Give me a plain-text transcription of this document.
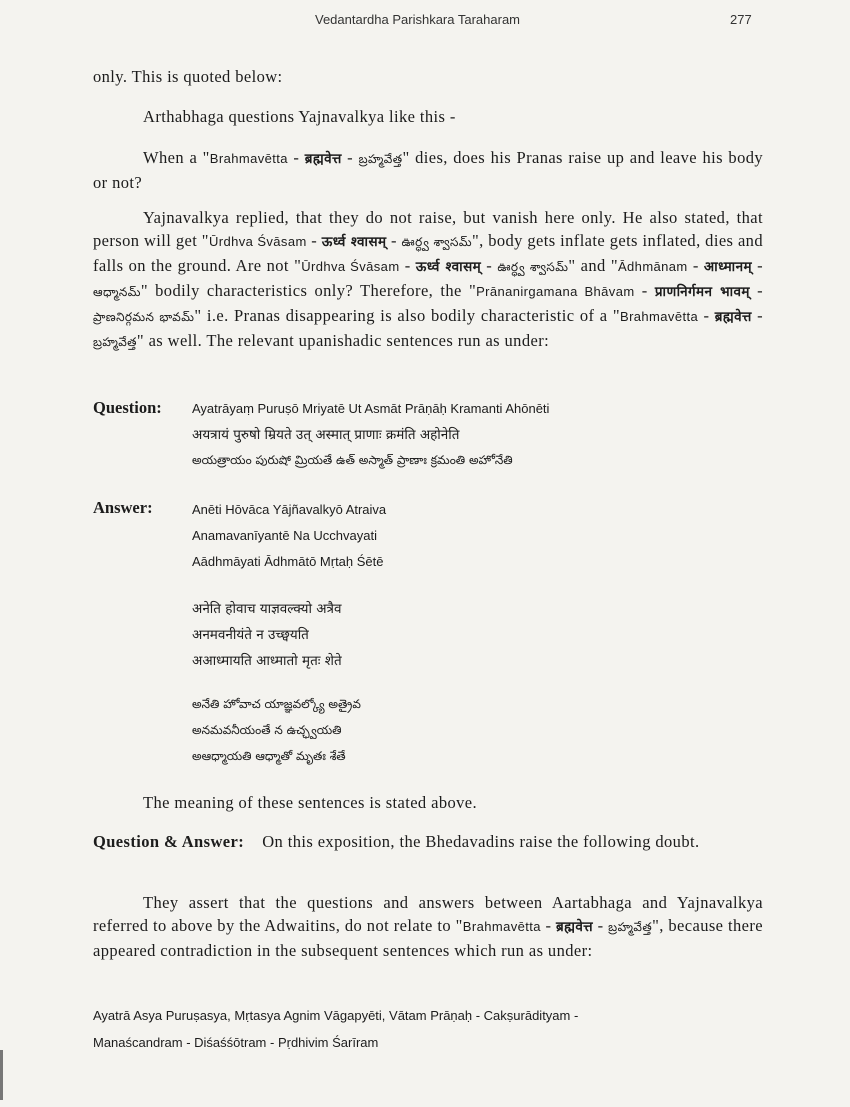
Vedantardha Parishkara Taraharam	277

only. This is quoted below:

Arthabhaga questions Yajnavalkya like this -

When a "Brahmavētta - ब्रह्मवेत्त - బ్రహ్మవేత్త" dies, does his Pranas raise up and leave his body or not?

Yajnavalkya replied, that they do not raise, but vanish here only. He also stated, that person will get "Ūrdhva Śvāsam - ऊर्ध्व श्वासम् - ఊర్ధ్వ శ్వాసమ్", body gets inflate gets inflated, dies and falls on the ground. Are not "Ūrdhva Śvāsam - ऊर्ध्व श्वासम् - ఊర్ధ్వ శ్వాసమ్" and "Ādhmānam - आध्मानम् - ఆధ్మానమ్" bodily characteristics only? Therefore, the "Prānanirgamana Bhāvam - प्राणनिर्गमन भावम् - ప్రాణనిర్గమన భావమ్" i.e. Pranas disappearing is also bodily characteristic of a "Brahmavētta - ब्रह्मवेत्त - బ్రహ్మవేత్త" as well. The relevant upanishadic sentences run as under:

Question: Ayatrāyaṃ Puruṣō Mriyatē Ut Asmāt Prāṇāḥ Kramanti Ahōnēti
अयत्रायं पुरुषो म्रियते उत् अस्मात् प्राणाः क्रमंति अहोनेति
అయత్రాయం పురుషో మ్రియతే ఉత్ అస్మాత్ ప్రాణాః క్రమంతి అహోనేతి
Answer:	Anēti Hōvāca Yājñavalkyō Atraiva
Anamavanīyantē Na Ucchvayati
Aādhmāyati Ādhmātō Mṛtaḥ Śētē
अनेति होवाच याज्ञवल्क्यो अत्रैव
अनमवनीयंते न उच्छ्वयति
अआध्मायति आध्मातो मृतः शेते
అనేతి హోవాచ యాజ్ఞవల్క్యో అత్రైవ
అనమవనీయంతే న ఉచ్ఛ్వయతి
అఆధ్మాయతి ఆధ్మాతో మృతః శేతే

The meaning of these sentences is stated above.

Question & Answer: On this exposition, the Bhedavadins raise the following doubt.

They assert that the questions and answers between Aartabhaga and Yajnavalkya referred to above by the Adwaitins, do not relate to "Brahmavētta - ब्रह्मवेत्त - బ్రహ్మవేత్త", because there appeared contradiction in the subsequent sentences which run as under:

Ayatrā Asya Puruṣasya, Mṛtasya Agnim Vāgapyēti, Vātam Prāṇaḥ - Cakṣurādityam -
Manaścandram - Diśaśśōtram - Pṛdhivim Śarīram
